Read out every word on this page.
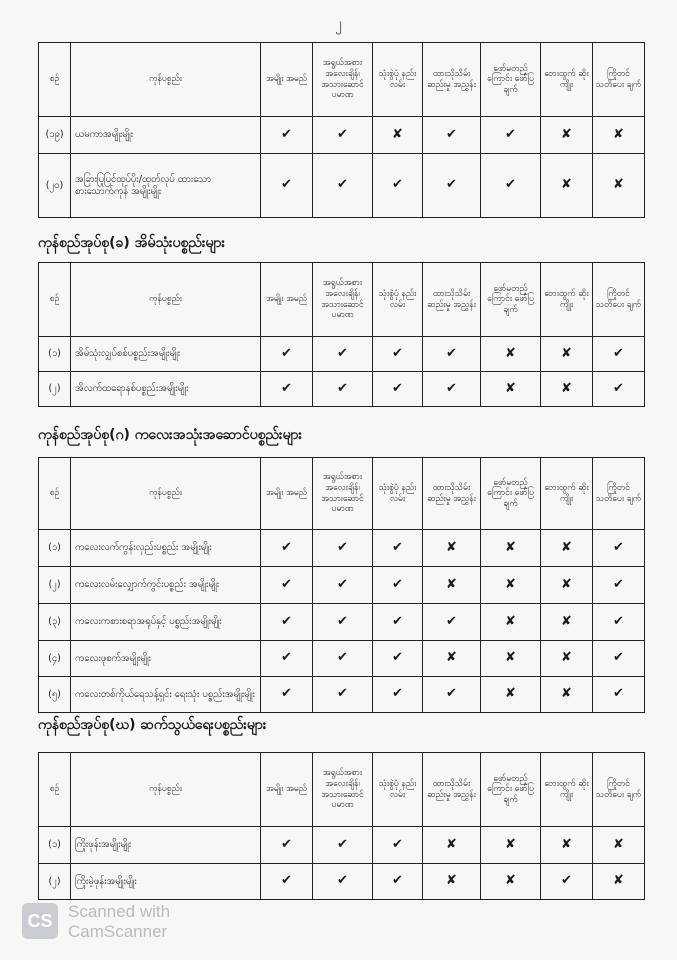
၂
စဉ်	ကုန်ပစ္စည်း	အမျိုး အမည်	အရွယ်အစား အလေးချိန်၊ အသားဆောင် ပမာဏ	သုံးစွဲပုံ နည်း လမ်း	ထားသိုသိမ်း ဆည်းမှု အညွှန်း	ဖော်မတည့် ကြောင်း ဖော်ပြချက်	ဘေးထွက် ဆိုးကျိုး	ကြိုတင် သတိပေး ချက်
(၁၉)	ယမကာအမျိုးမျိုး	✔	✔	✘	✔	✔	✘	✘
(၂၀)	အခြားပြုပြင်ထုပ်ပိုး/ထုတ်လုပ် ထားသောစားသောက်ကုန် အမျိုးမျိုး	✔	✔	✔	✔	✔	✘	✘
ကုန်စည်အုပ်စု(ခ) အိမ်သုံးပစ္စည်းများ
စဉ်	ကုန်ပစ္စည်း	အမျိုး အမည်	အရွယ်အစား အလေးချိန်၊ အသားဆောင် ပမာဏ	သုံးစွဲပုံ နည်း လမ်း	ထားသိုသိမ်း ဆည်းမှု အညွှန်း	ဖော်မတည့် ကြောင်း ဖော်ပြချက်	ဘေးထွက် ဆိုးကျိုး	ကြိုတင် သတိပေး ချက်
(၁)	အိမ်သုံးလျှပ်စစ်ပစ္စည်းအမျိုးမျိုး	✔	✔	✔	✔	✘	✘	✔
(၂)	အိလက်ထရောနစ်ပစ္စည်းအမျိုးမျိုး	✔	✔	✔	✔	✘	✘	✔
ကုန်စည်အုပ်စု(ဂ) ကလေးအသုံးအဆောင်ပစ္စည်းများ
စဉ်	ကုန်ပစ္စည်း	အမျိုး အမည်	အရွယ်အစား အလေးချိန်၊ အသားဆောင် ပမာဏ	သုံးစွဲပုံ နည်း လမ်း	ထားသိုသိမ်း ဆည်းမှု အညွှန်း	ဖော်မတည့် ကြောင်း ဖော်ပြချက်	ဘေးထွက် ဆိုးကျိုး	ကြိုတင် သတိပေး ချက်
(၁)	ကလေးလက်ကွန်းလှည်းပစ္စည်း အမျိုးမျိုး	✔	✔	✔	✘	✘	✘	✔
(၂)	ကလေးလမ်းလျှောက်ကွင်းပစ္စည်း အမျိုးမျိုး	✔	✔	✔	✘	✘	✘	✔
(၃)	ကလေးကစားစရာအရုပ်နှင့် ပစ္စည်းအမျိုးမျိုး	✔	✔	✔	✔	✘	✘	✔
(၄)	ကလေးဖုစက်အမျိုးမျိုး	✔	✔	✔	✘	✘	✘	✔
(၅)	ကလေးတစ်ကိုယ်ရေသန့်ရှင်း ရေးသုံး ပစ္စည်းအမျိုးမျိုး	✔	✔	✔	✔	✘	✘	✔
ကုန်စည်အုပ်စု(ဃ) ဆက်သွယ်ရေးပစ္စည်းများ
စဉ်	ကုန်ပစ္စည်း	အမျိုး အမည်	အရွယ်အစား အလေးချိန်၊ အသားဆောင် ပမာဏ	သုံးစွဲပုံ နည်း လမ်း	ထားသိုသိမ်း ဆည်းမှု အညွှန်း	ဖော်မတည့် ကြောင်း ဖော်ပြချက်	ဘေးထွက် ဆိုးကျိုး	ကြိုတင် သတိပေး ချက်
(၁)	ကြိုးဖုန်းအမျိုးမျိုး	✔	✔	✔	✘	✘	✘	✘
(၂)	ကြိုးမဲ့ဖုန်းအမျိုးမျိုး	✔	✔	✔	✘	✘	✔	✘
CS Scanned with
CamScanner
